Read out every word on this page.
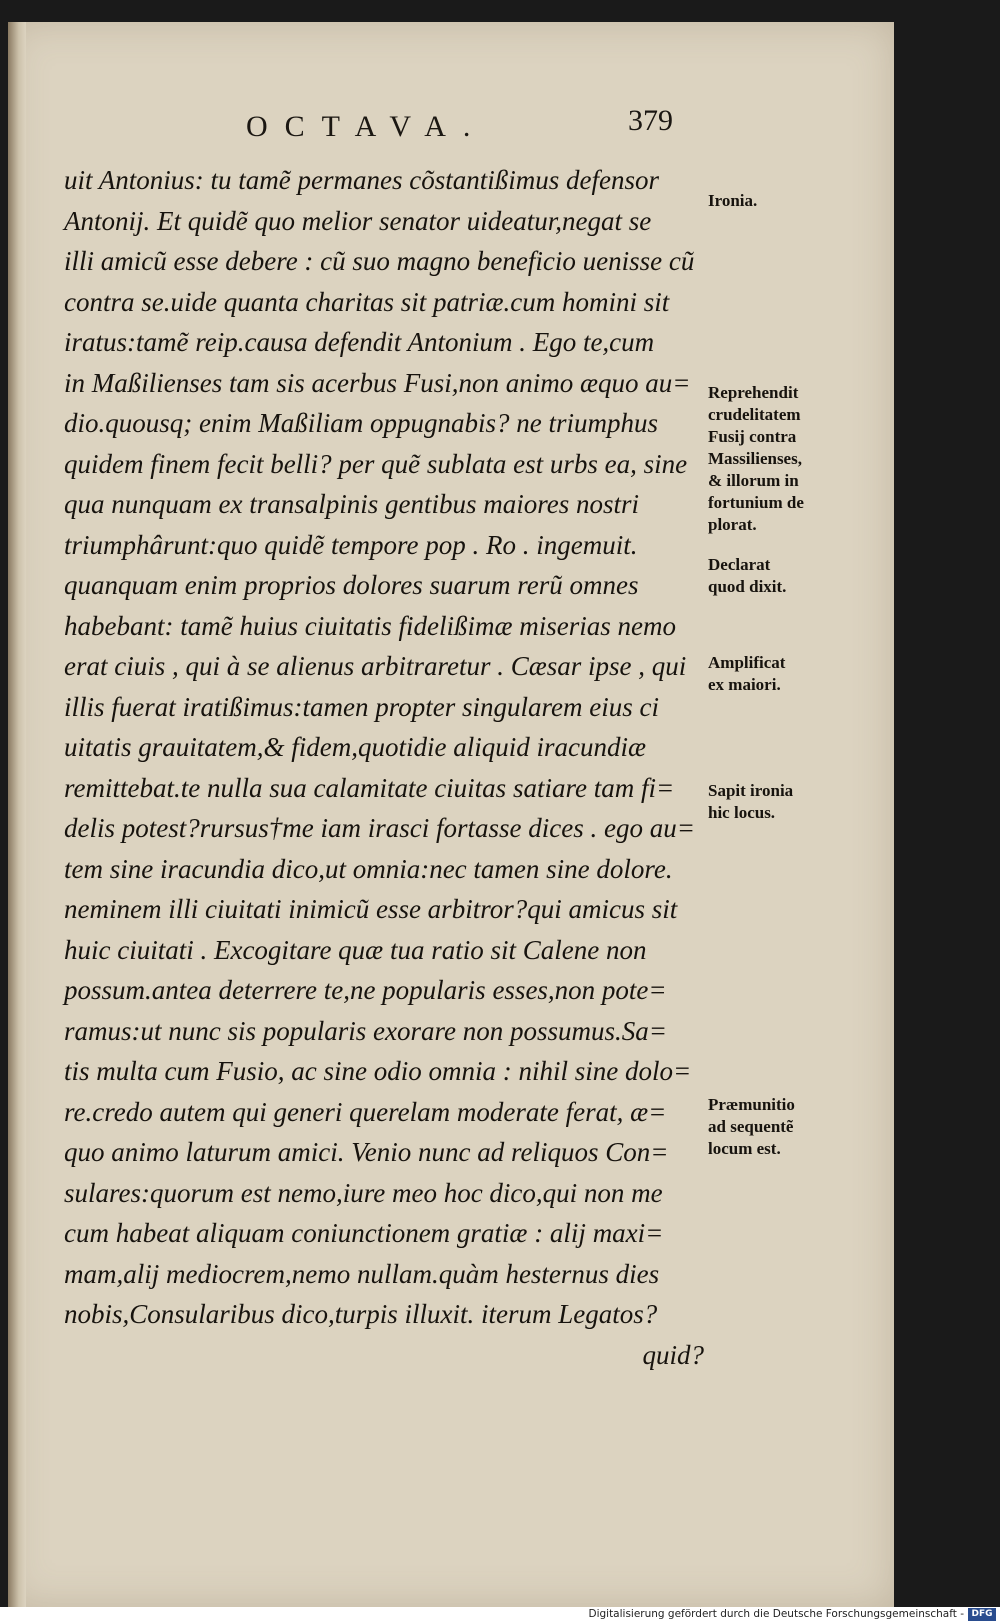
OCTAVA.	379
uit Antonius: tu tamẽ permanes cõstantißimus defensor
Antonij. Et quidẽ quo melior senator uideatur,negat se
illi amicũ esse debere : cũ suo magno beneficio uenisse cũ
contra se.uide quanta charitas sit patriæ.cum homini sit
iratus:tamẽ reip.causa defendit Antonium . Ego te,cum
in Maßilienses tam sis acerbus Fusi,non animo æquo au=
dio.quousq; enim Maßiliam oppugnabis? ne triumphus
quidem finem fecit belli? per quẽ sublata est urbs ea, sine
qua nunquam ex transalpinis gentibus maiores nostri
triumphârunt:quo quidẽ tempore pop . Ro . ingemuit.
quanquam enim proprios dolores suarum rerũ omnes
habebant: tamẽ huius ciuitatis fidelißimæ miserias nemo
erat ciuis , qui à se alienus arbitraretur . Cæsar ipse , qui
illis fuerat iratißimus:tamen propter singularem eius ci
uitatis grauitatem,& fidem,quotidie aliquid iracundiæ
remittebat.te nulla sua calamitate ciuitas satiare tam fi=
delis potest?rursus†me iam irasci fortasse dices . ego au=
tem sine iracundia dico,ut omnia:nec tamen sine dolore.
neminem illi ciuitati inimicũ esse arbitror?qui amicus sit
huic ciuitati . Excogitare quæ tua ratio sit Calene non
possum.antea deterrere te,ne popularis esses,non pote=
ramus:ut nunc sis popularis exorare non possumus.Sa=
tis multa cum Fusio, ac sine odio omnia : nihil sine dolo=
re.credo autem qui generi querelam moderate ferat, æ=
quo animo laturum amici. Venio nunc ad reliquos Con=
sulares:quorum est nemo,iure meo hoc dico,qui non me
cum habeat aliquam coniunctionem gratiæ : alij maxi=
mam,alij mediocrem,nemo nullam.quàm hesternus dies
nobis,Consularibus dico,turpis illuxit. iterum Legatos?
quid?
Ironia.
Reprehendit
crudelitatem
Fusij contra
Massilienses,
& illorum in
fortunium de
plorat.
Declarat
quod dixit.
Amplificat
ex maiori.
Sapit ironia
hic locus.
Præmunitio
ad sequentẽ
locum est.
Digitalisierung gefördert durch die Deutsche Forschungsgemeinschaft - DFG
